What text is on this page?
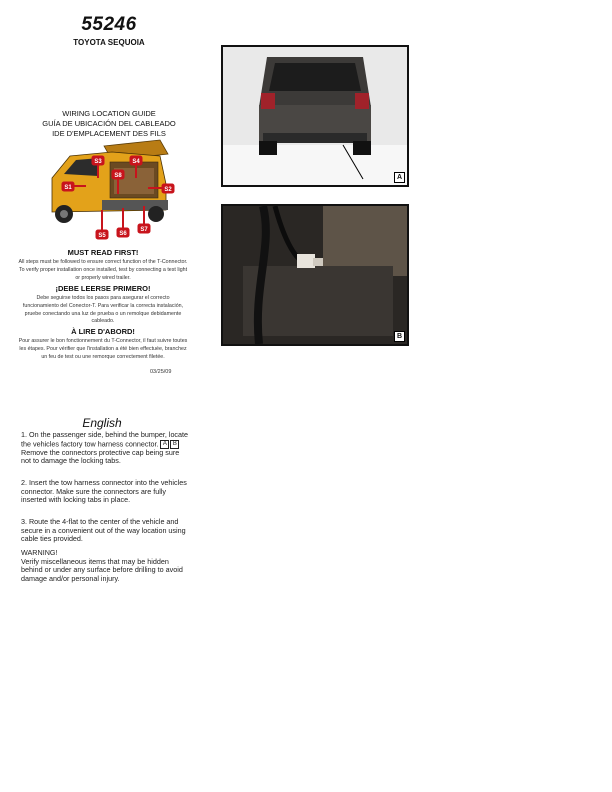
55246
TOYOTA SEQUOIA
WIRING LOCATION GUIDE
GUÍA DE UBICACIÓN DEL CABLEADO
IDE D'EMPLACEMENT DES FILS
S1	S2
S3	S4
S5 S6
S7
S8
MUST READ FIRST!
All steps must be followed to ensure correct function of the T-Connector. To verify proper installation once installed, test by connecting a test light or properly wired trailer.
¡DEBE LEERSE PRIMERO!
Debe seguirse todos los pasos para asegurar el correcto funcionamiento del Conector-T. Para verificar la correcta instalación, pruebe conectando una luz de prueba o un remolque debidamente cableado.
À LIRE D'ABORD!
Pour assurer le bon fonctionnement du T-Connector, il faut suivre toutes les étapes. Pour vérifier que l'installation a été bien effectuée, branchez un feu de test ou une remorque correctement filetée.
03/25/09
A
B
English

1. On the passenger side, behind the bumper, locate the vehicles factory tow harness connector. A B Remove the connectors protective cap being sure not to damage the locking tabs.

2. Insert the tow harness connector into the vehicles connector. Make sure the connectors are fully inserted with locking tabs in place.

3. Route the 4-flat to the center of the vehicle and secure in a convenient out of the way location using cable ties provided.

WARNING!

Verify miscellaneous items that may be hidden behind or under any surface before drilling to avoid damage and/or personal injury.
